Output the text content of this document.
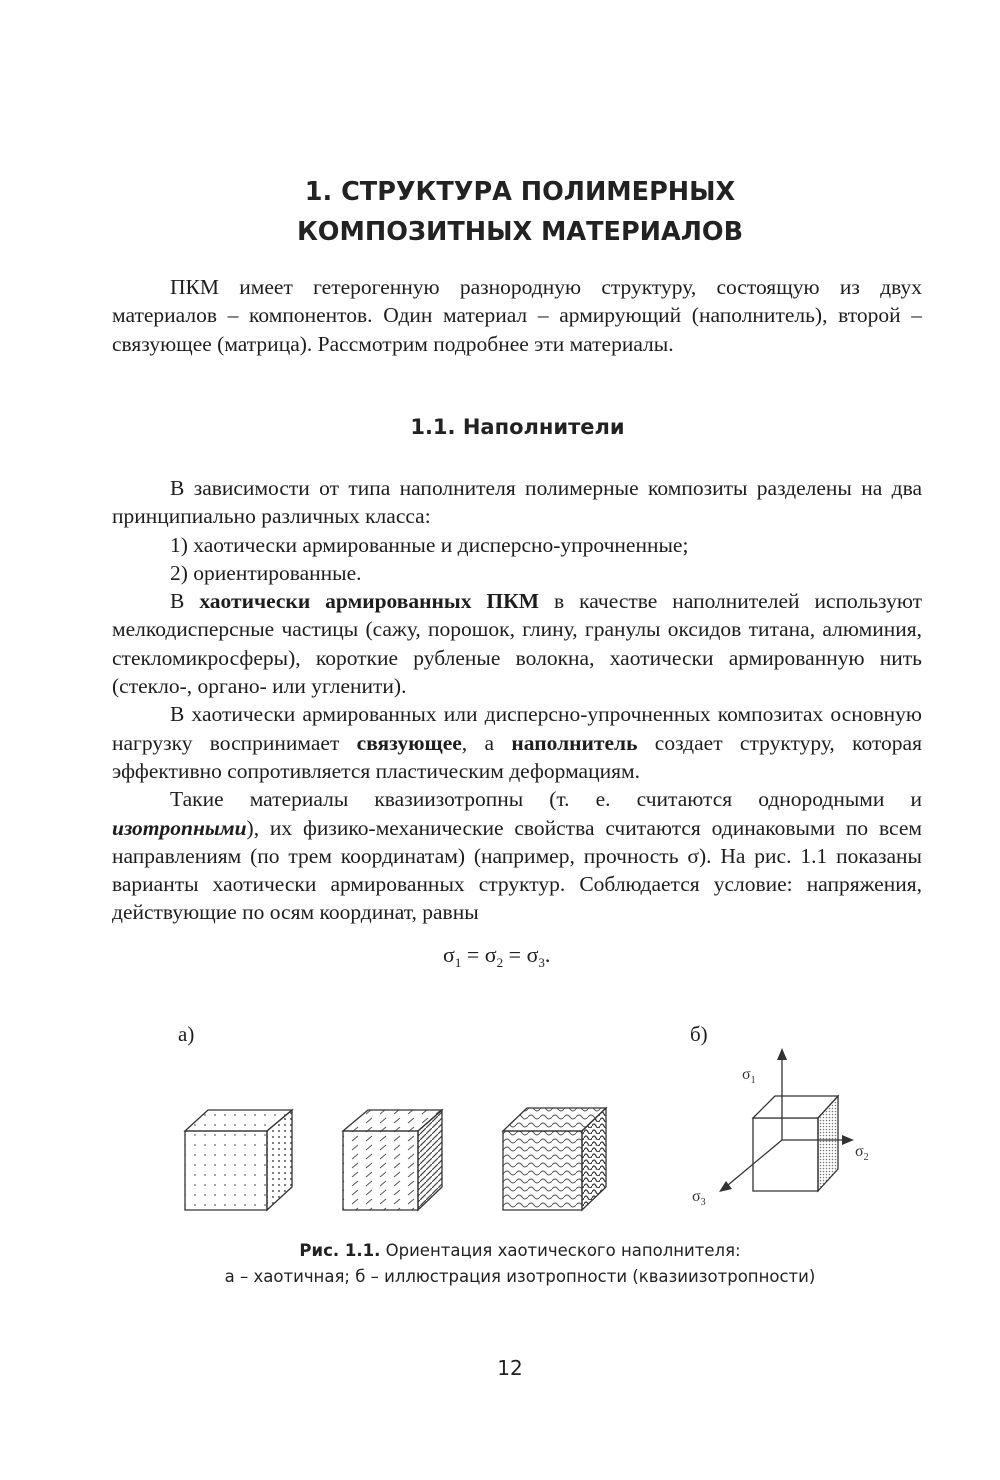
1. СТРУКТУРА ПОЛИМЕРНЫХ
КОМПОЗИТНЫХ МАТЕРИАЛОВ

ПКМ имеет гетерогенную разнородную структуру, состоящую из двух материалов – компонентов. Один материал – армирующий (наполнитель), второй – связующее (матрица). Рассмотрим подробнее эти материалы.

1.1. Наполнители

В зависимости от типа наполнителя полимерные композиты разделены на два принципиально различных класса:

1) хаотически армированные и дисперсно-упрочненные;

2) ориентированные.

В хаотически армированных ПКМ в качестве наполнителей используют мелкодисперсные частицы (сажу, порошок, глину, гранулы оксидов титана, алюминия, стекломикросферы), короткие рубленые волокна, хаотически армированную нить (стекло-, органо- или угленити).

В хаотически армированных или дисперсно-упрочненных композитах основную нагрузку воспринимает связующее, а наполнитель создает структуру, которая эффективно сопротивляется пластическим деформациям.

Такие материалы квазиизотропны (т. е. считаются однородными и изотропными), их физико-механические свойства считаются одинаковыми по всем направлениям (по трем координатам) (например, прочность σ). На рис. 1.1 показаны варианты хаотически армированных структур. Соблюдается условие: напряжения, действующие по осям координат, равны

$\sigma_1 = \sigma_2 = \sigma_3$.
а)	б)
$\sigma_1$
$\sigma_2$
$\sigma_3$

Рис. 1.1. Ориентация хаотического наполнителя:
а – хаотичная; б – иллюстрация изотропности (квазиизотропности)

12
